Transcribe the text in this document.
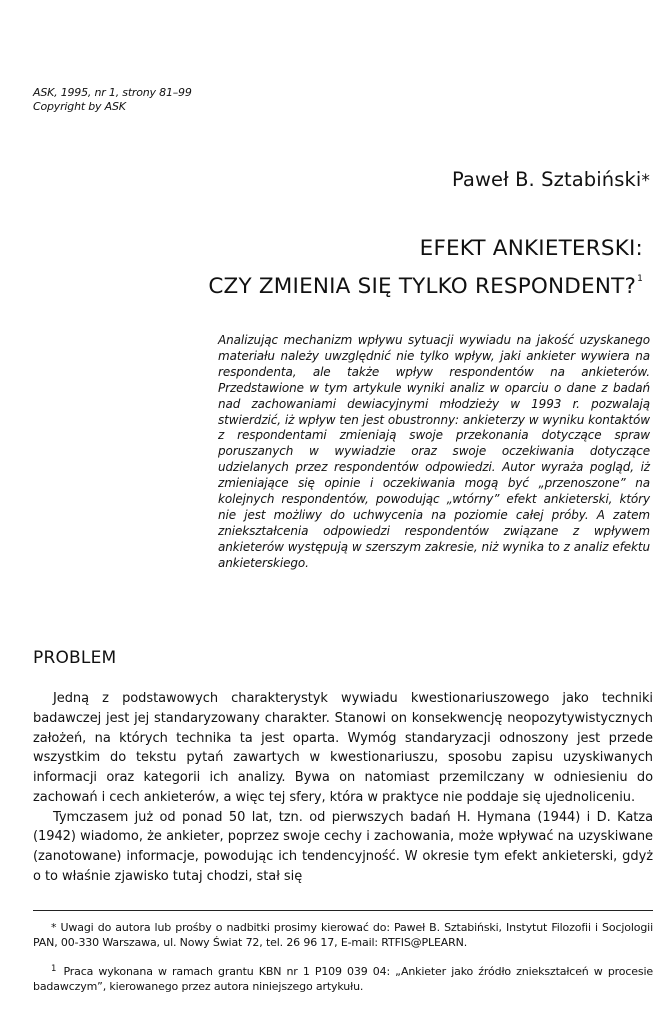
ASK, 1995, nr 1, strony 81–99
Copyright by ASK
Paweł B. Sztabiński*
EFEKT ANKIETERSKI:
CZY ZMIENIA SIĘ TYLKO RESPONDENT?$^1$
Analizując mechanizm wpływu sytuacji wywiadu na jakość uzyskanego materiału należy uwzględnić nie tylko wpływ, jaki ankieter wywiera na respondenta, ale także wpływ respondentów na ankieterów. Przedstawione w tym artykule wyniki analiz w oparciu o dane z badań nad zachowaniami dewiacyjnymi młodzieży w 1993 r. pozwalają stwierdzić, iż wpływ ten jest obustronny: ankieterzy w wyniku kontaktów z respondentami zmieniają swoje przekonania dotyczące spraw poruszanych w wywiadzie oraz swoje oczekiwania dotyczące udzielanych przez respondentów odpowiedzi. Autor wyraża pogląd, iż zmieniające się opinie i oczekiwania mogą być „przenoszone” na kolejnych respondentów, powodując „wtórny” efekt ankieterski, który nie jest możliwy do uchwycenia na poziomie całej próby. A zatem zniekształcenia odpowiedzi respondentów związane z wpływem ankieterów występują w szerszym zakresie, niż wynika to z analiz efektu ankieterskiego.
PROBLEM

Jedną z podstawowych charakterystyk wywiadu kwestionariuszowego jako techniki badawczej jest jej standaryzowany charakter. Stanowi on konsekwencję neopozytywistycznych założeń, na których technika ta jest oparta. Wymóg standaryzacji odnoszony jest przede wszystkim do tekstu pytań zawartych w kwestionariuszu, sposobu zapisu uzyskiwanych informacji oraz kategorii ich analizy. Bywa on natomiast przemilczany w odniesieniu do zachowań i cech ankieterów, a więc tej sfery, która w praktyce nie poddaje się ujednoliceniu.

Tymczasem już od ponad 50 lat, tzn. od pierwszych badań H. Hymana (1944) i D. Katza (1942) wiadomo, że ankieter, poprzez swoje cechy i zachowania, może wpływać na uzyskiwane (zanotowane) informacje, powodując ich tendencyjność. W okresie tym efekt ankieterski, gdyż o to właśnie zjawisko tutaj chodzi, stał się

* Uwagi do autora lub prośby o nadbitki prosimy kierować do: Paweł B. Sztabiński, Instytut Filozofii i Socjologii PAN, 00-330 Warszawa, ul. Nowy Świat 72, tel. 26 96 17, E-mail: RTFIS@PLEARN.

$^1$ Praca wykonana w ramach grantu KBN nr 1 P109 039 04: „Ankieter jako źródło zniekształceń w procesie badawczym”, kierowanego przez autora niniejszego artykułu.
